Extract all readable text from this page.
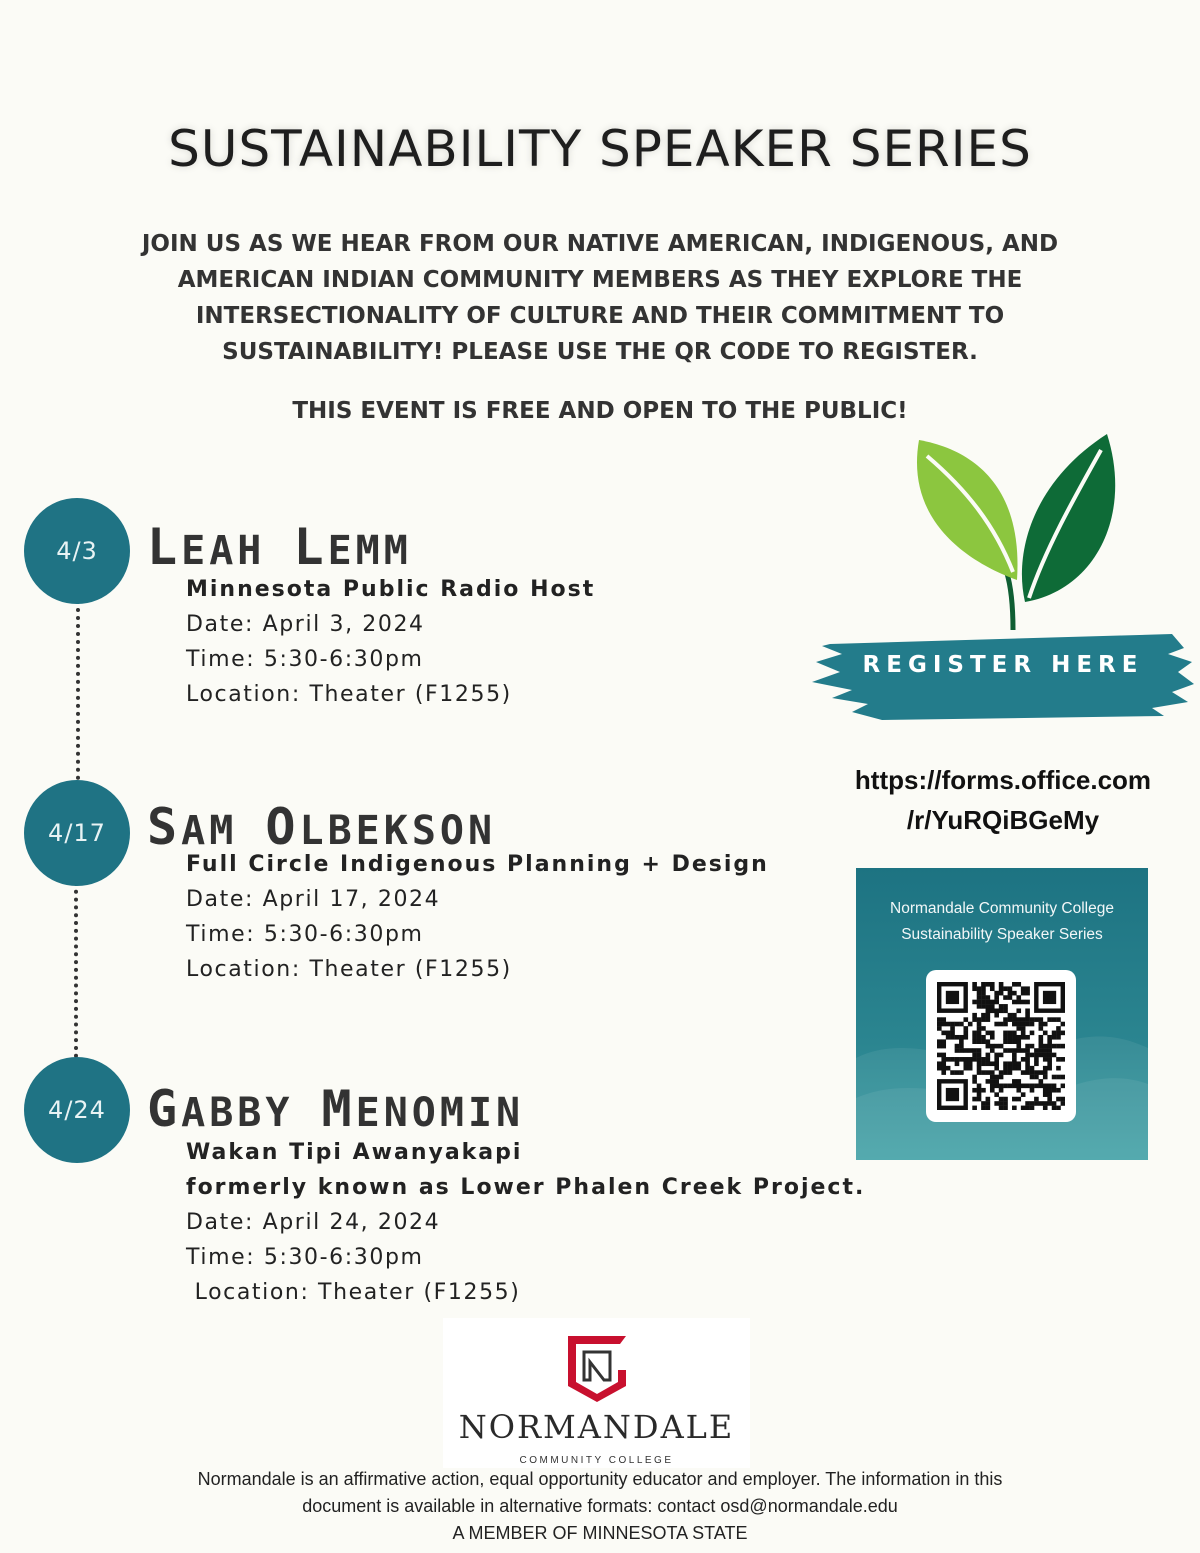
SUSTAINABILITY SPEAKER SERIES
JOIN US AS WE HEAR FROM OUR NATIVE AMERICAN, INDIGENOUS, AND AMERICAN INDIAN COMMUNITY MEMBERS AS THEY EXPLORE THE INTERSECTIONALITY OF CULTURE AND THEIR COMMITMENT TO SUSTAINABILITY! PLEASE USE THE QR CODE TO REGISTER.
THIS EVENT IS FREE AND OPEN TO THE PUBLIC!
4/3 LEAH LEMM
Minnesota Public Radio Host
Date: April 3, 2024
Time: 5:30-6:30pm
Location: Theater (F1255)
4/17 SAM OLBEKSON
Full Circle Indigenous Planning + Design
Date: April 17, 2024
Time: 5:30-6:30pm
Location: Theater (F1255)
4/24 GABBY MENOMIN
Wakan Tipi Awanyakapi
formerly known as Lower Phalen Creek Project.
Date: April 24, 2024
Time: 5:30-6:30pm
Location: Theater (F1255)
REGISTER HERE
https://forms.office.com
/r/YuRQiBGeMy
Normandale Community College
Sustainability Speaker Series
NORMANDALE
COMMUNITY COLLEGE
Normandale is an affirmative action, equal opportunity educator and employer. The information in this
document is available in alternative formats: contact osd@normandale.edu
A MEMBER OF MINNESOTA STATE
